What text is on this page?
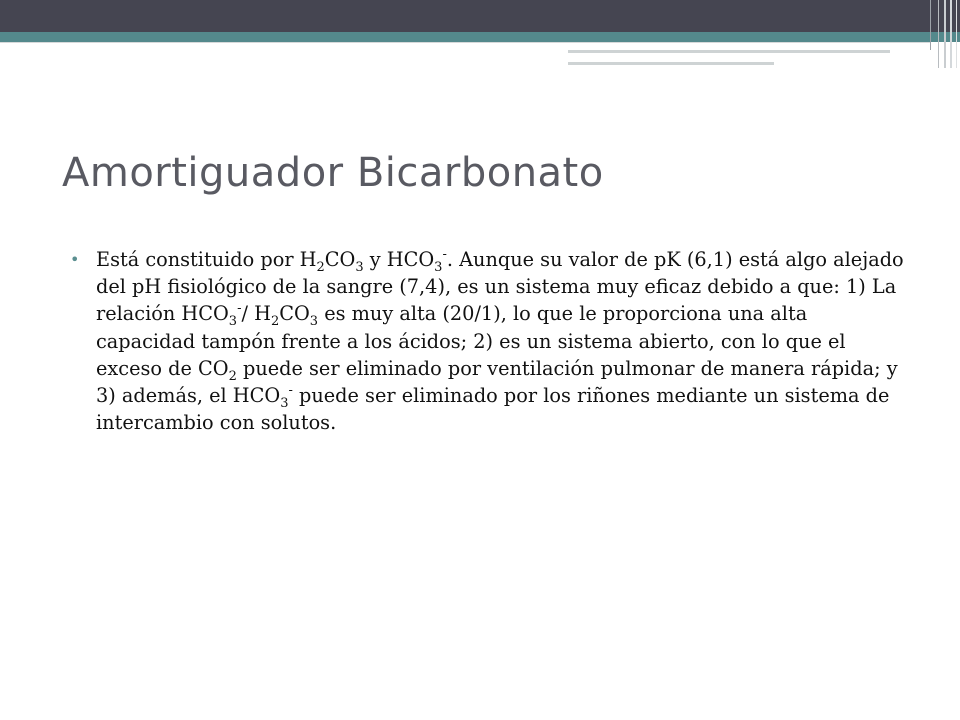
Amortiguador Bicarbonato
• Está constituido por $H_2CO_3$ y $HCO_3^-$. Aunque su valor de pK (6,1) está algo alejado del pH fisiológico de la sangre (7,4), es un sistema muy eficaz debido a que: 1) La relación $HCO_3^-/$ $H_2CO_3$ es muy alta (20/1), lo que le proporciona una alta capacidad tampón frente a los ácidos; 2) es un sistema abierto, con lo que el exceso de $CO_2$ puede ser eliminado por ventilación pulmonar de manera rápida; y 3) además, el $HCO_3^-$ puede ser eliminado por los riñones mediante un sistema de intercambio con solutos.
